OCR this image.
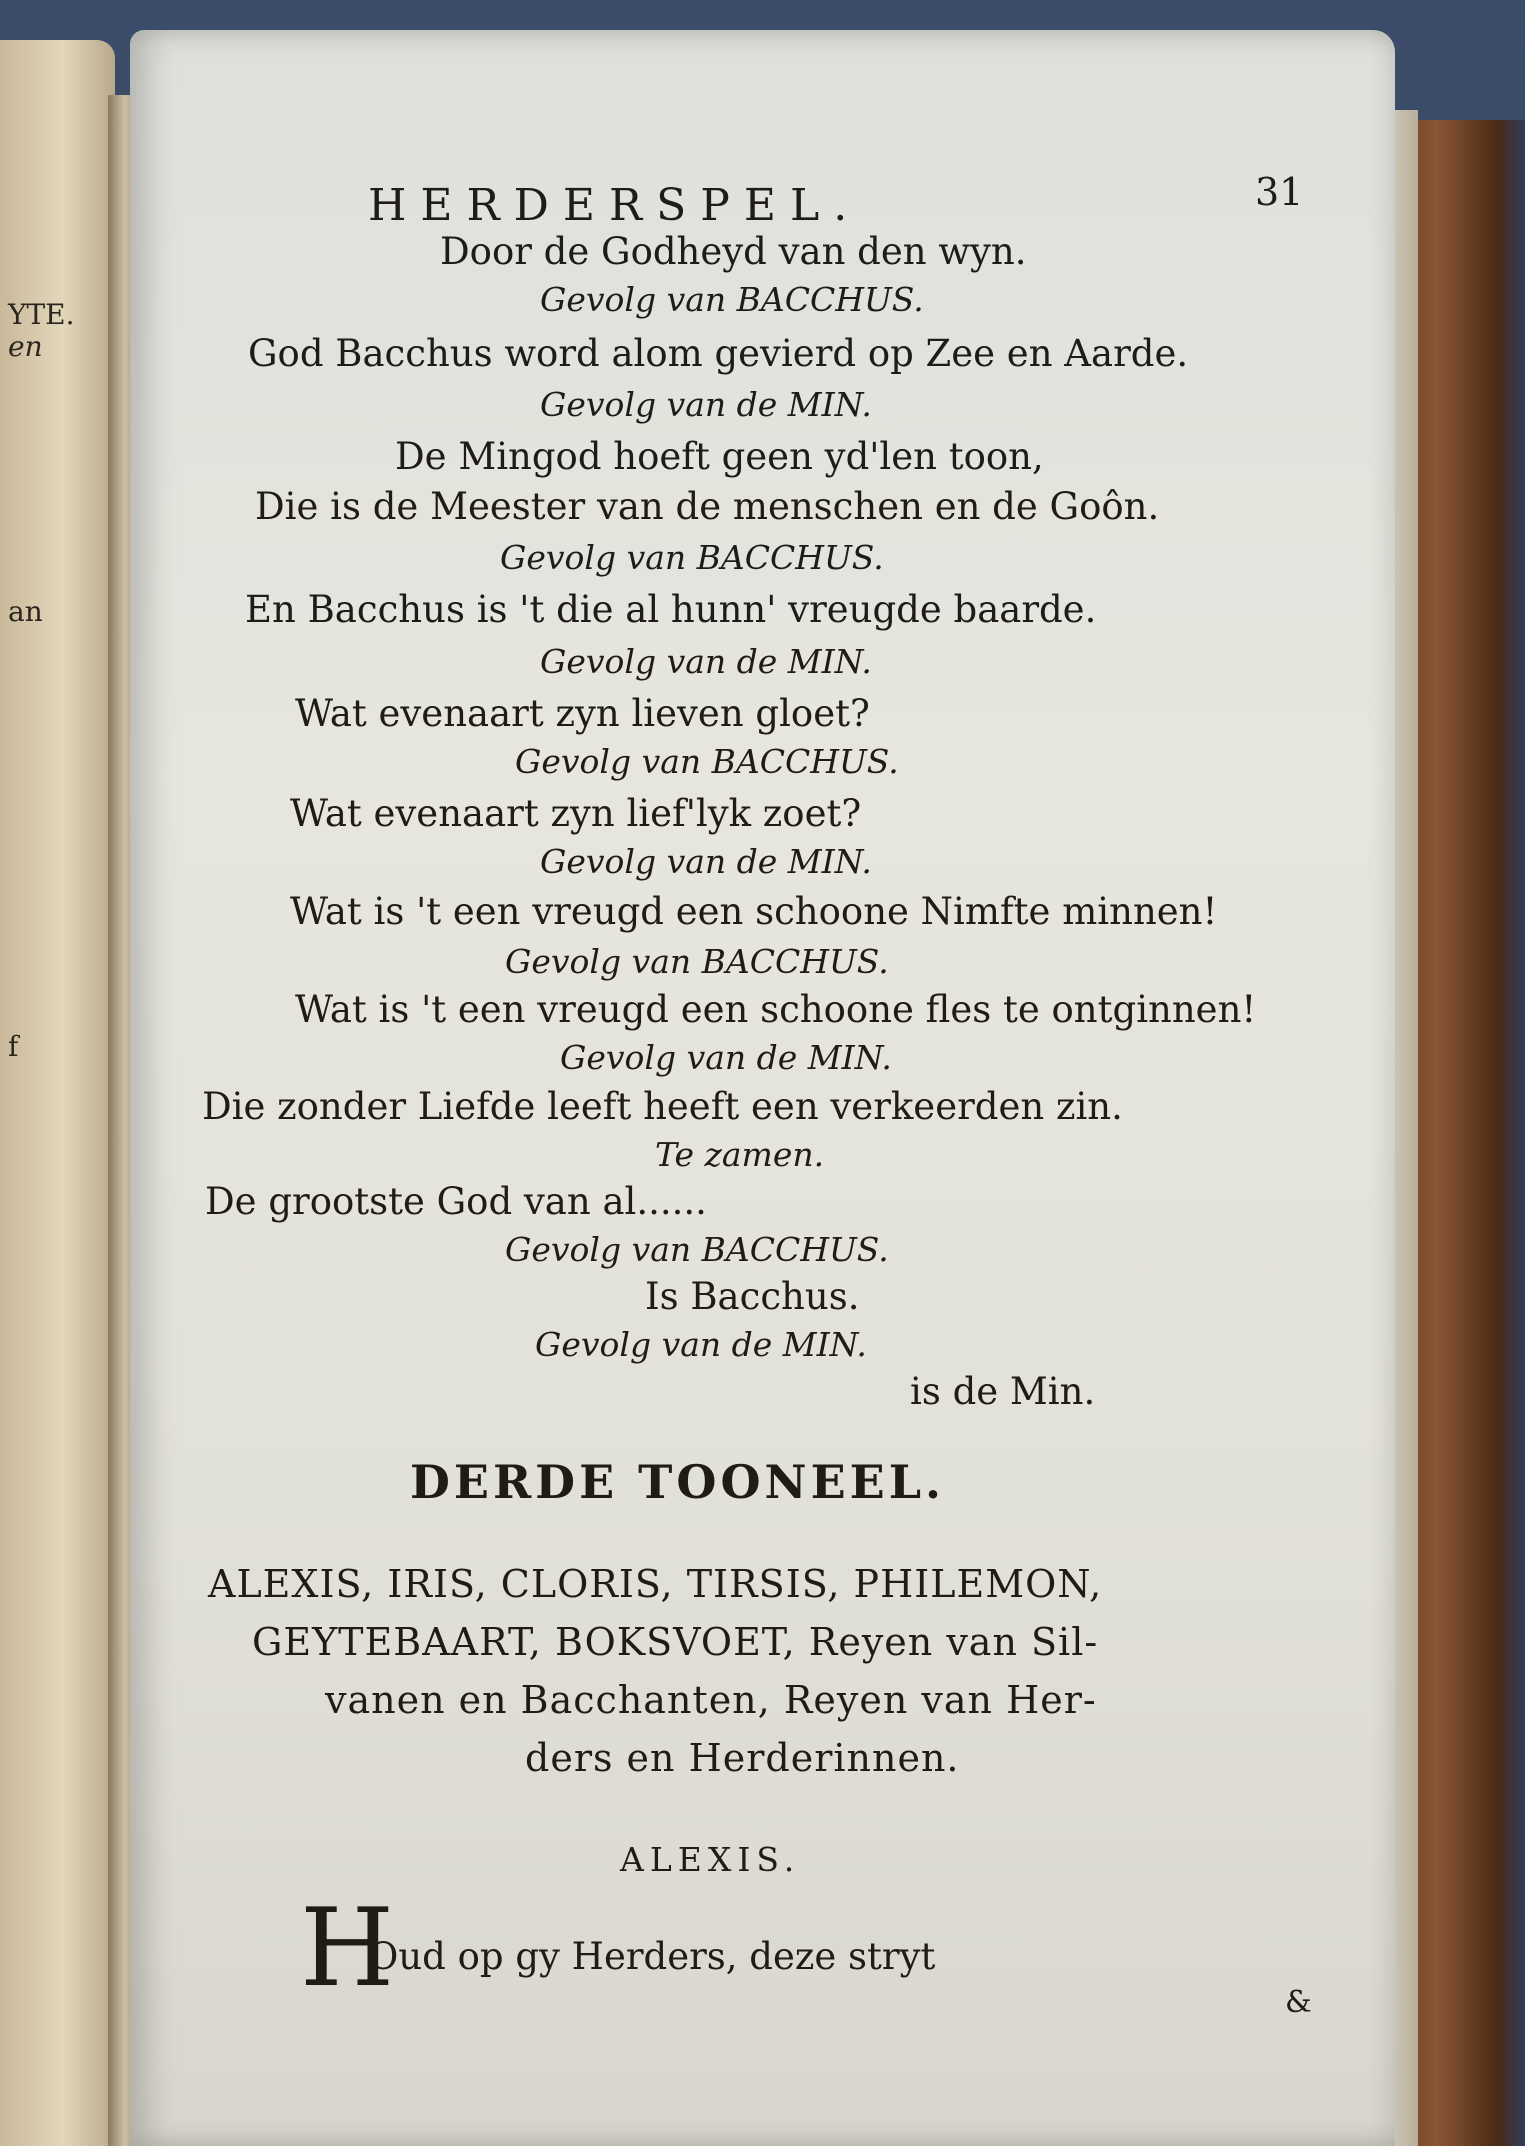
YTE.
en
an
f
HERDERSPEL.	31
Door de Godheyd van den wyn.
Gevolg van BACCHUS.
God Bacchus word alom gevierd op Zee en Aarde.
Gevolg van de MIN.
De Mingod hoeft geen yd'len toon,
Die is de Meester van de menschen en de Goôn.
Gevolg van BACCHUS.
En Bacchus is 't die al hunn' vreugde baarde.
Gevolg van de MIN.
Wat evenaart zyn lieven gloet?
Gevolg van BACCHUS.
Wat evenaart zyn lief'lyk zoet?
Gevolg van de MIN.
Wat is 't een vreugd een schoone Nimfte minnen!
Gevolg van BACCHUS.
Wat is 't een vreugd een schoone fles te ontginnen!
Gevolg van de MIN.
Die zonder Liefde leeft heeft een verkeerden zin.
Te zamen.
De grootste God van al......
Gevolg van BACCHUS.
Is Bacchus.
Gevolg van de MIN.
is de Min.
DERDE TOONEEL.
ALEXIS, IRIS, CLORIS, TIRSIS, PHILEMON,
GEYTEBAART, BOKSVOET, Reyen van Sil-
vanen en Bacchanten, Reyen van Her-
ders en Herderinnen.
ALEXIS.
H
Oud op gy Herders, deze stryt
&
